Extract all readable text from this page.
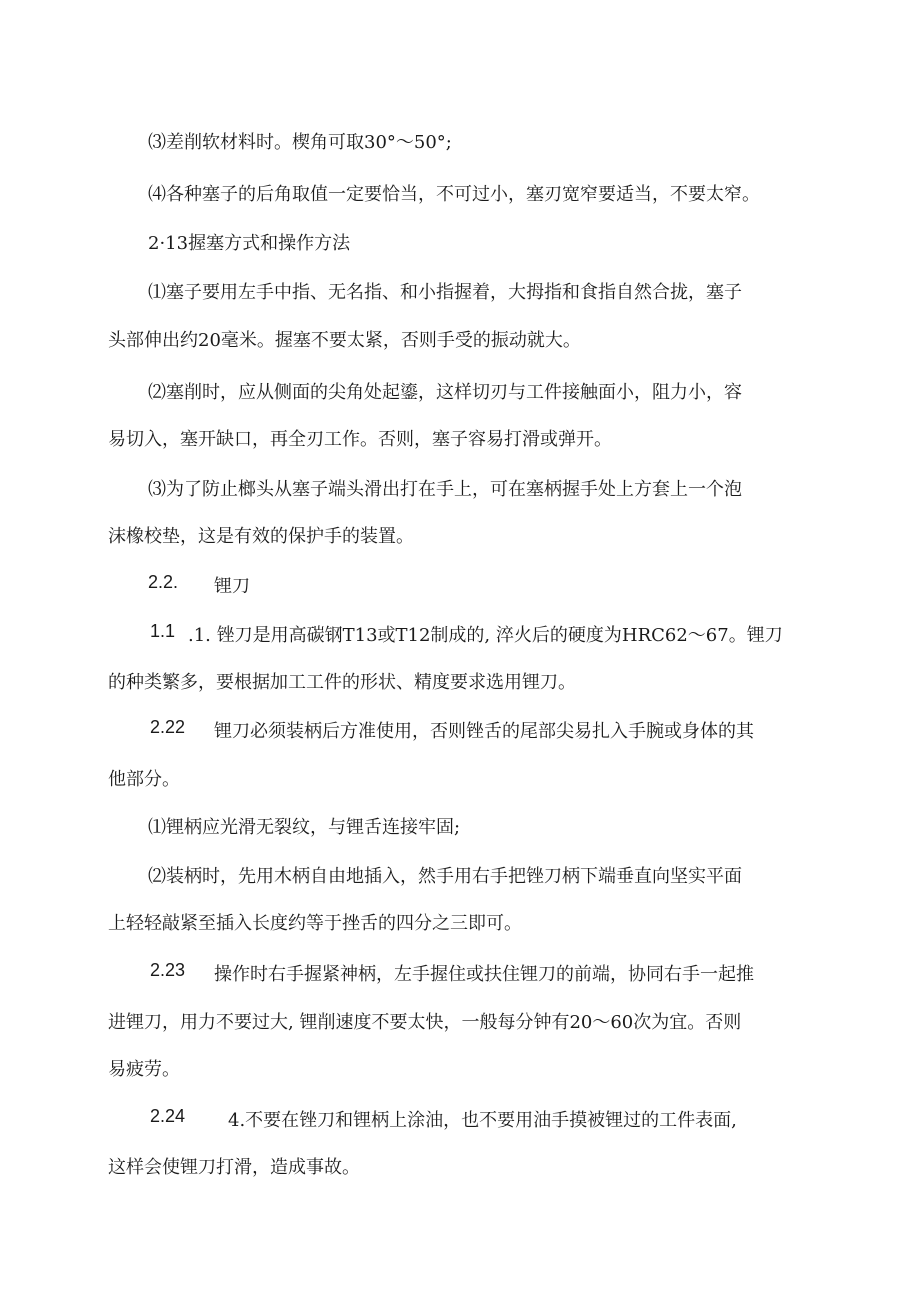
⑶差削软材料时。楔角可取30°〜50°;
⑷各种塞子的后角取值一定要恰当，不可过小，塞刃宽窄要适当，不要太窄。
2·13握塞方式和操作方法
⑴塞子要用左手中指、无名指、和小指握着，大拇指和食指自然合拢，塞子
头部伸出约20毫米。握塞不要太紧，否则手受的振动就大。
⑵塞削时，应从侧面的尖角处起鎏，这样切刃与工件接触面小，阻力小，容
易切入，塞开缺口，再全刃工作。否则，塞子容易打滑或弹开。
⑶为了防止榔头从塞子端头滑出打在手上，可在塞柄握手处上方套上一个泡
沫橡校垫，这是有效的保护手的装置。
2.2. 锂刀
1.1 .1. 锉刀是用高碳钢T13或T12制成的, 淬火后的硬度为HRC62〜67。锂刀
的种类繁多，要根据加工工件的形状、精度要求选用锂刀。
2.22 锂刀必须装柄后方准使用，否则锉舌的尾部尖易扎入手腕或身体的其
他部分。
⑴锂柄应光滑无裂纹，与锂舌连接牢固;
⑵装柄时，先用木柄自由地插入，然手用右手把锉刀柄下端垂直向坚实平面
上轻轻敲紧至插入长度约等于挫舌的四分之三即可。
2.23 操作时右手握紧神柄，左手握住或扶住锂刀的前端，协同右手一起推
进锂刀，用力不要过大, 锂削速度不要太快，一般每分钟有20〜60次为宜。否则
易疲劳。
2.24 4.不要在锉刀和锂柄上涂油，也不要用油手摸被锂过的工件表面,
这样会使锂刀打滑，造成事故。
